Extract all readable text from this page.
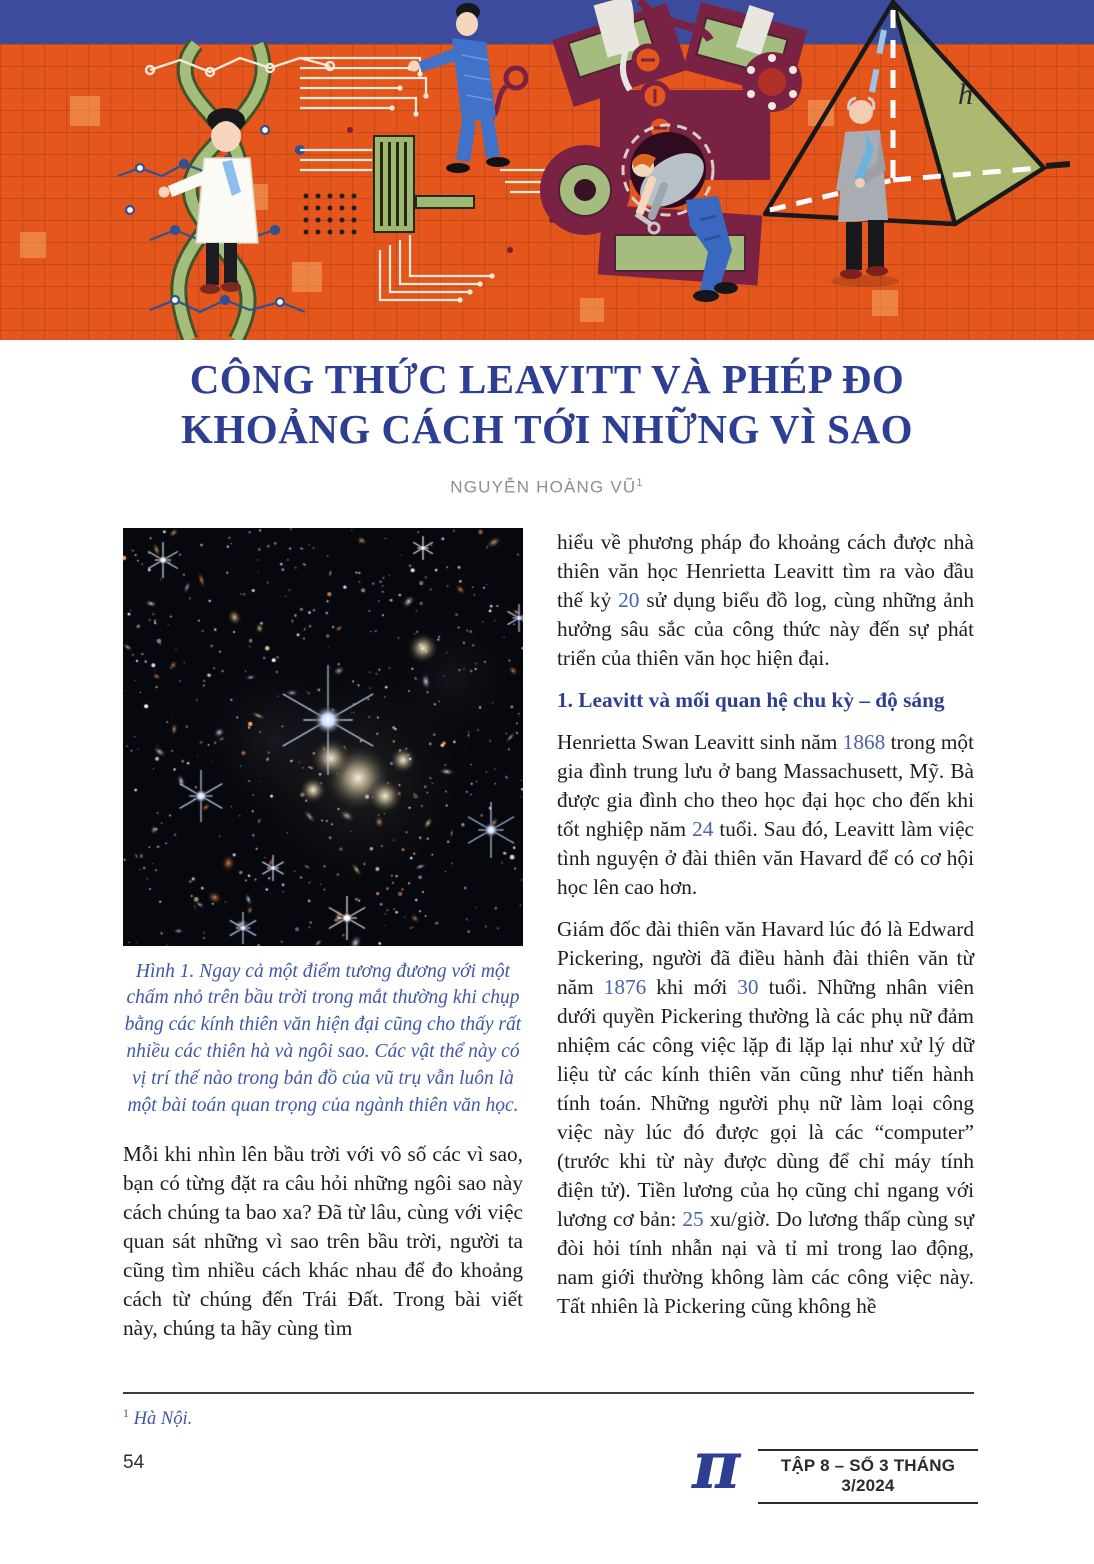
h
CÔNG THỨC LEAVITT VÀ PHÉP ĐO
KHOẢNG CÁCH TỚI NHỮNG VÌ SAO
NGUYỄN HOÀNG $VŨ^1$
Hình 1. Ngay cả một điểm tương đương với một chấm nhỏ trên bầu trời trong mắt thường khi chụp bằng các kính thiên văn hiện đại cũng cho thấy rất nhiều các thiên hà và ngôi sao. Các vật thể này có vị trí thế nào trong bản đồ của vũ trụ vẫn luôn là một bài toán quan trọng của ngành thiên văn học.
Mỗi khi nhìn lên bầu trời với vô số các vì sao, bạn có từng đặt ra câu hỏi những ngôi sao này cách chúng ta bao xa? Đã từ lâu, cùng với việc quan sát những vì sao trên bầu trời, người ta cũng tìm nhiều cách khác nhau để đo khoảng cách từ chúng đến Trái Đất. Trong bài viết này, chúng ta hãy cùng tìm

hiểu về phương pháp đo khoảng cách được nhà thiên văn học Henrietta Leavitt tìm ra vào đầu thế kỷ 20 sử dụng biểu đồ log, cùng những ảnh hưởng sâu sắc của công thức này đến sự phát triển của thiên văn học hiện đại.

1. Leavitt và mối quan hệ chu kỳ – độ sáng

Henrietta Swan Leavitt sinh năm 1868 trong một gia đình trung lưu ở bang Massachusett, Mỹ. Bà được gia đình cho theo học đại học cho đến khi tốt nghiệp năm 24 tuổi. Sau đó, Leavitt làm việc tình nguyện ở đài thiên văn Havard để có cơ hội học lên cao hơn.

Giám đốc đài thiên văn Havard lúc đó là Edward Pickering, người đã điều hành đài thiên văn từ năm 1876 khi mới 30 tuổi. Những nhân viên dưới quyền Pickering thường là các phụ nữ đảm nhiệm các công việc lặp đi lặp lại như xử lý dữ liệu từ các kính thiên văn cũng như tiến hành tính toán. Những người phụ nữ làm loại công việc này lúc đó được gọi là các “computer” (trước khi từ này được dùng để chỉ máy tính điện tử). Tiền lương của họ cũng chỉ ngang với lương cơ bản: 25 xu/giờ. Do lương thấp cùng sự đòi hỏi tính nhẫn nại và tỉ mỉ trong lao động, nam giới thường không làm các công việc này. Tất nhiên là Pickering cũng không hề

$^1$ Hà Nội.
54	π	TẬP 8 – SỐ 3 THÁNG 3/2024
